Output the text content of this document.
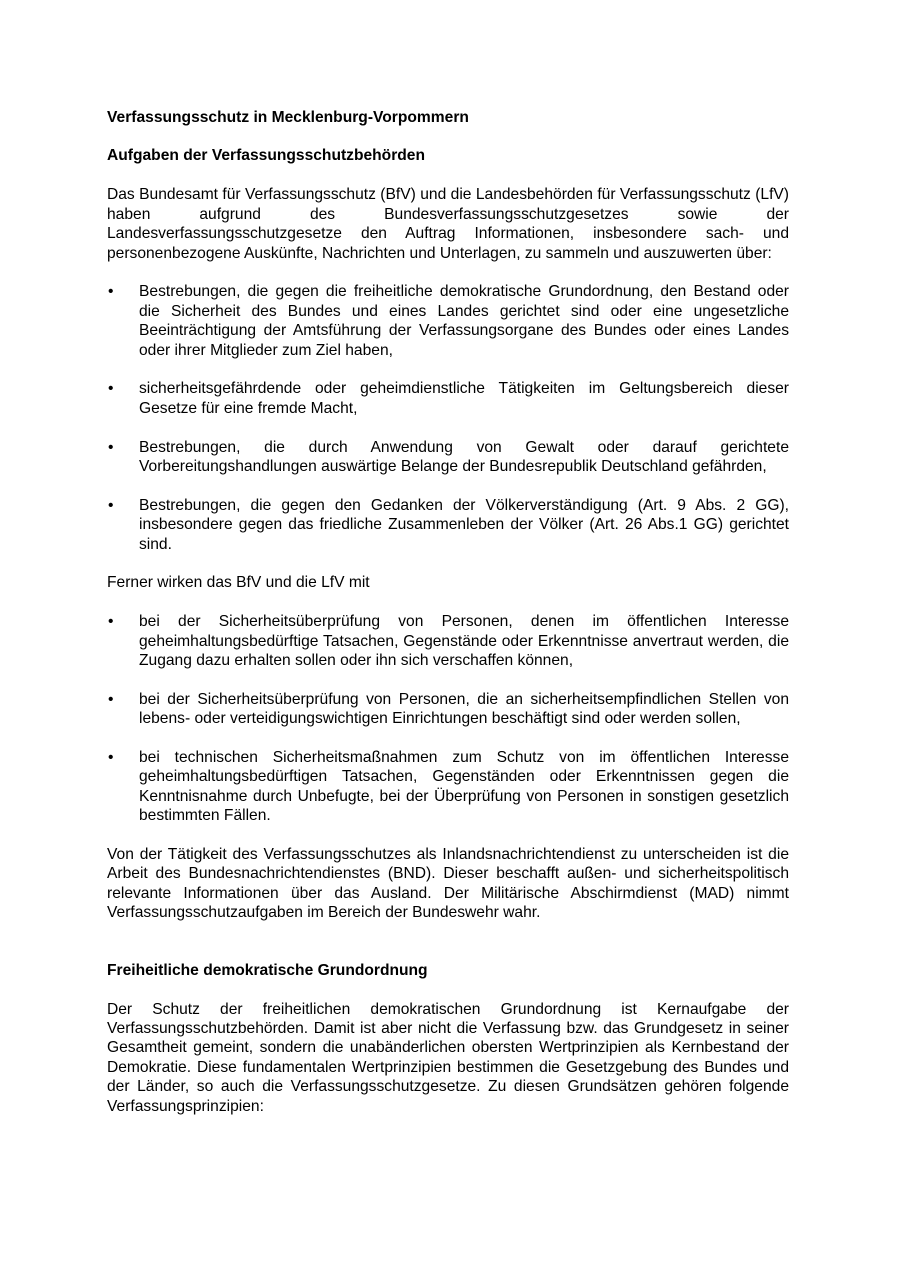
Verfassungsschutz in Mecklenburg-Vorpommern
Aufgaben der Verfassungsschutzbehörden

Das Bundesamt für Verfassungsschutz (BfV) und die Landesbehörden für Verfassungsschutz (LfV) haben aufgrund des Bundesverfassungsschutzgesetzes sowie der Landesverfassungsschutzgesetze den Auftrag Informationen, insbesondere sach- und personenbezogene Auskünfte, Nachrichten und Unterlagen, zu sammeln und auszuwerten über:

• Bestrebungen, die gegen die freiheitliche demokratische Grundordnung, den Bestand oder die Sicherheit des Bundes und eines Landes gerichtet sind oder eine ungesetzliche Beeinträchtigung der Amtsführung der Verfassungsorgane des Bundes oder eines Landes oder ihrer Mitglieder zum Ziel haben,
• sicherheitsgefährdende oder geheimdienstliche Tätigkeiten im Geltungsbereich dieser Gesetze für eine fremde Macht,
• Bestrebungen, die durch Anwendung von Gewalt oder darauf gerichtete Vorbereitungshandlungen auswärtige Belange der Bundesrepublik Deutschland gefährden,
• Bestrebungen, die gegen den Gedanken der Völkerverständigung (Art. 9 Abs. 2 GG), insbesondere gegen das friedliche Zusammenleben der Völker (Art. 26 Abs.1 GG) gerichtet sind.

Ferner wirken das BfV und die LfV mit

• bei der Sicherheitsüberprüfung von Personen, denen im öffentlichen Interesse geheimhaltungsbedürftige Tatsachen, Gegenstände oder Erkenntnisse anvertraut werden, die Zugang dazu erhalten sollen oder ihn sich verschaffen können,
• bei der Sicherheitsüberprüfung von Personen, die an sicherheitsempfindlichen Stellen von lebens- oder verteidigungswichtigen Einrichtungen beschäftigt sind oder werden sollen,
• bei technischen Sicherheitsmaßnahmen zum Schutz von im öffentlichen Interesse geheimhaltungsbedürftigen Tatsachen, Gegenständen oder Erkenntnissen gegen die Kenntnisnahme durch Unbefugte, bei der Überprüfung von Personen in sonstigen gesetzlich bestimmten Fällen.

Von der Tätigkeit des Verfassungsschutzes als Inlandsnachrichtendienst zu unterscheiden ist die Arbeit des Bundesnachrichtendienstes (BND). Dieser beschafft außen- und sicherheitspolitisch relevante Informationen über das Ausland. Der Militärische Abschirmdienst (MAD) nimmt Verfassungsschutzaufgaben im Bereich der Bundeswehr wahr.

Freiheitliche demokratische Grundordnung

Der Schutz der freiheitlichen demokratischen Grundordnung ist Kernaufgabe der Verfassungsschutzbehörden. Damit ist aber nicht die Verfassung bzw. das Grundgesetz in seiner Gesamtheit gemeint, sondern die unabänderlichen obersten Wertprinzipien als Kernbestand der Demokratie. Diese fundamentalen Wertprinzipien bestimmen die Gesetzgebung des Bundes und der Länder, so auch die Verfassungsschutzgesetze. Zu diesen Grundsätzen gehören folgende Verfassungsprinzipien:
